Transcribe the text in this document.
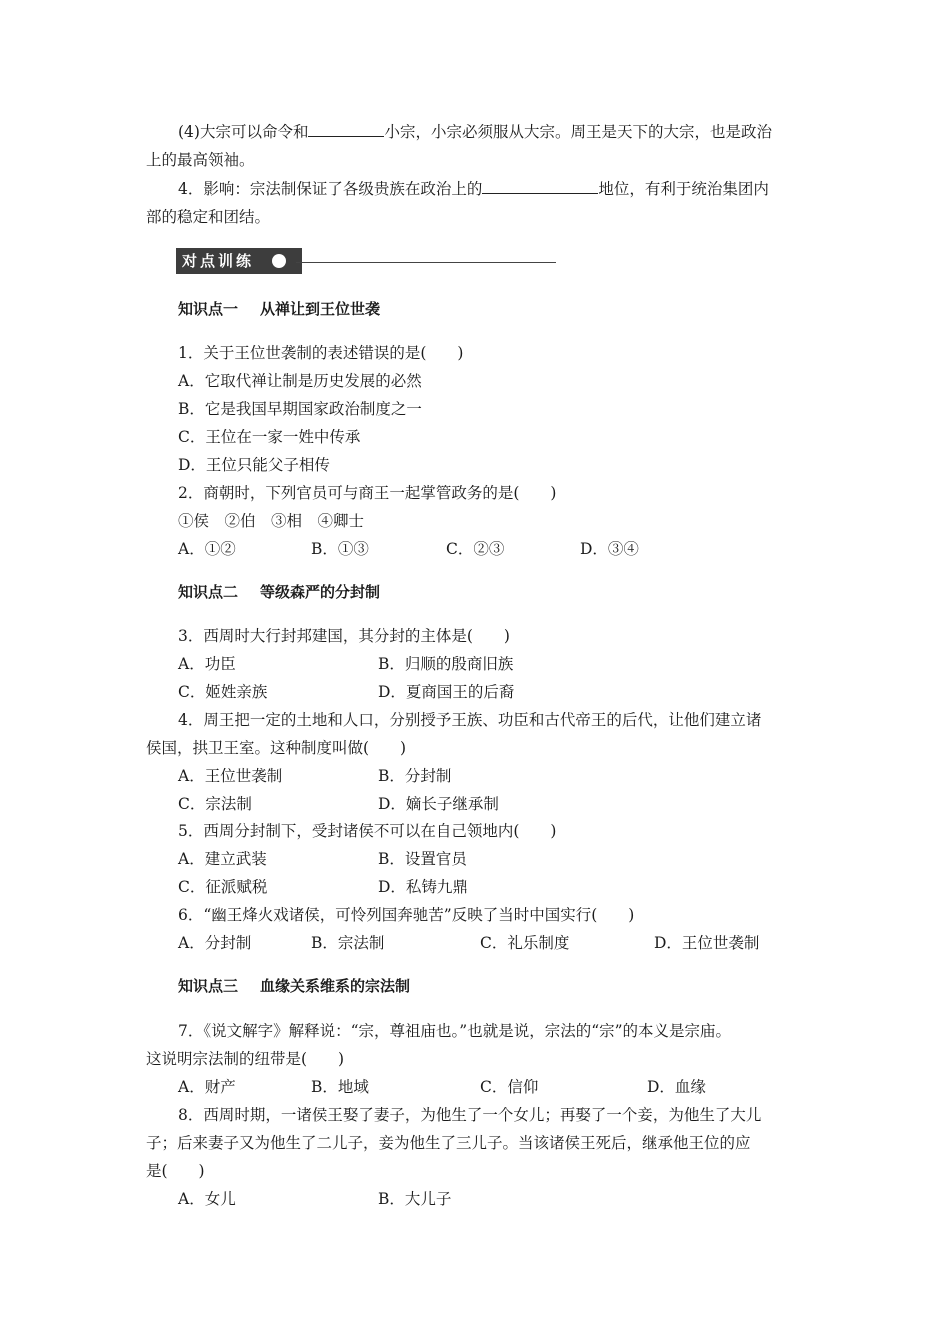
(4)大宗可以命令和	小宗，小宗必须服从大宗。周王是天下的大宗，也是政治
上的最高领袖。
4．影响：宗法制保证了各级贵族在政治上的	地位，有利于统治集团内
部的稳定和团结。
对点训练
知识点一 从禅让到王位世袭
1．关于王位世袭制的表述错误的是(　　)
A．它取代禅让制是历史发展的必然
B．它是我国早期国家政治制度之一
C．王位在一家一姓中传承
D．王位只能父子相传
2．商朝时，下列官员可与商王一起掌管政务的是(　　)
①侯　②伯　③相　④卿士
A．①②	B．①③	C．②③	D．③④
知识点二 等级森严的分封制
3．西周时大行封邦建国，其分封的主体是(　　)
A．功臣	B．归顺的殷商旧族
C．姬姓亲族	D．夏商国王的后裔
4．周王把一定的土地和人口，分别授予王族、功臣和古代帝王的后代，让他们建立诸
侯国，拱卫王室。这种制度叫做(　　)
A．王位世袭制	B．分封制
C．宗法制	D．嫡长子继承制
5．西周分封制下，受封诸侯不可以在自己领地内(　　)
A．建立武装	B．设置官员
C．征派赋税	D．私铸九鼎
6．“幽王烽火戏诸侯，可怜列国奔驰苦”反映了当时中国实行(　　)
A．分封制	B．宗法制	C．礼乐制度	D．王位世袭制
知识点三 血缘关系维系的宗法制
7．《说文解字》解释说：“宗，尊祖庙也。”也就是说，宗法的“宗”的本义是宗庙。
这说明宗法制的纽带是(　　)
A．财产	B．地域	C．信仰	D．血缘
8．西周时期，一诸侯王娶了妻子，为他生了一个女儿；再娶了一个妾，为他生了大儿
子；后来妻子又为他生了二儿子，妾为他生了三儿子。当该诸侯王死后，继承他王位的应
是(　　)
A．女儿	B．大儿子
